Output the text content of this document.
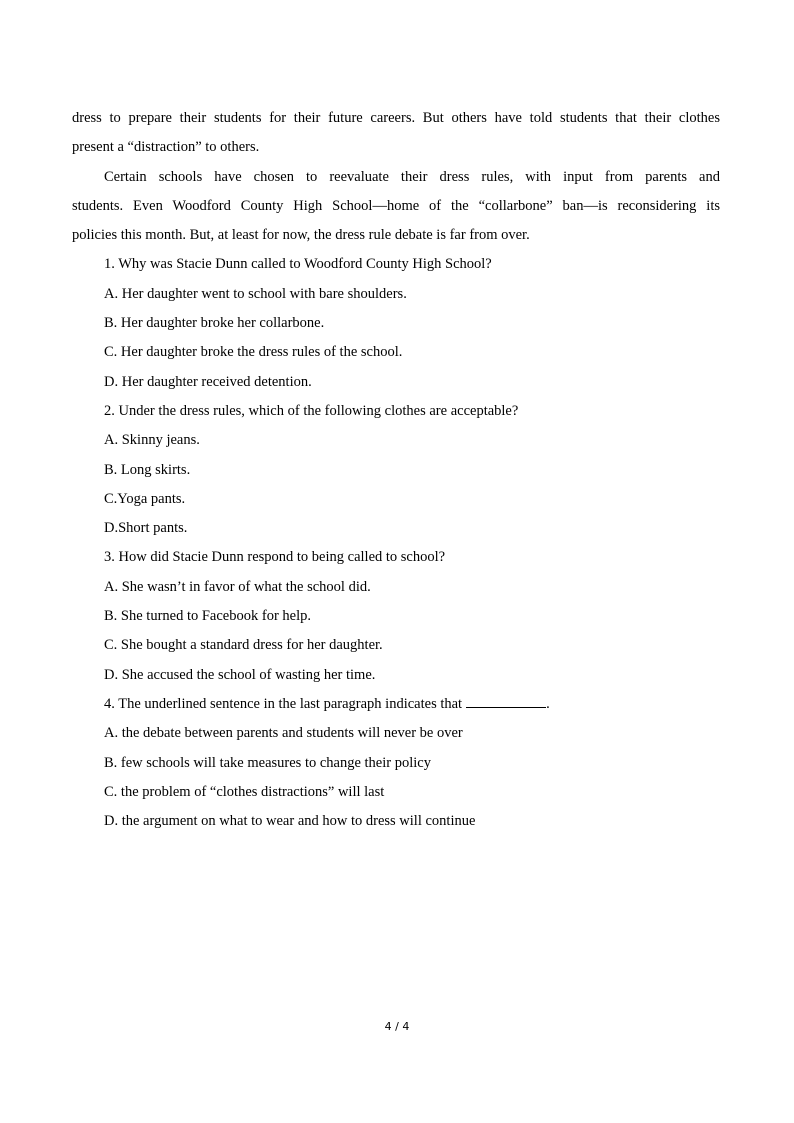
dress to prepare their students for their future careers. But others have told students that their clothes

present a “distraction” to others.

Certain schools have chosen to reevaluate their dress rules, with input from parents and

students. Even Woodford County High School—home of the “collarbone” ban—is reconsidering its

policies this month. But, at least for now, the dress rule debate is far from over.

1. Why was Stacie Dunn called to Woodford County High School?

A. Her daughter went to school with bare shoulders.

B. Her daughter broke her collarbone.

C. Her daughter broke the dress rules of the school.

D. Her daughter received detention.

2. Under the dress rules, which of the following clothes are acceptable?

A. Skinny jeans.

B. Long skirts.

C.Yoga pants.

D.Short pants.

3. How did Stacie Dunn respond to being called to school?

A. She wasn’t in favor of what the school did.

B. She turned to Facebook for help.

C. She bought a standard dress for her daughter.

D. She accused the school of wasting her time.

4. The underlined sentence in the last paragraph indicates that	.

A. the debate between parents and students will never be over

B. few schools will take measures to change their policy

C. the problem of “clothes distractions” will last

D. the argument on what to wear and how to dress will continue

4 / 4
